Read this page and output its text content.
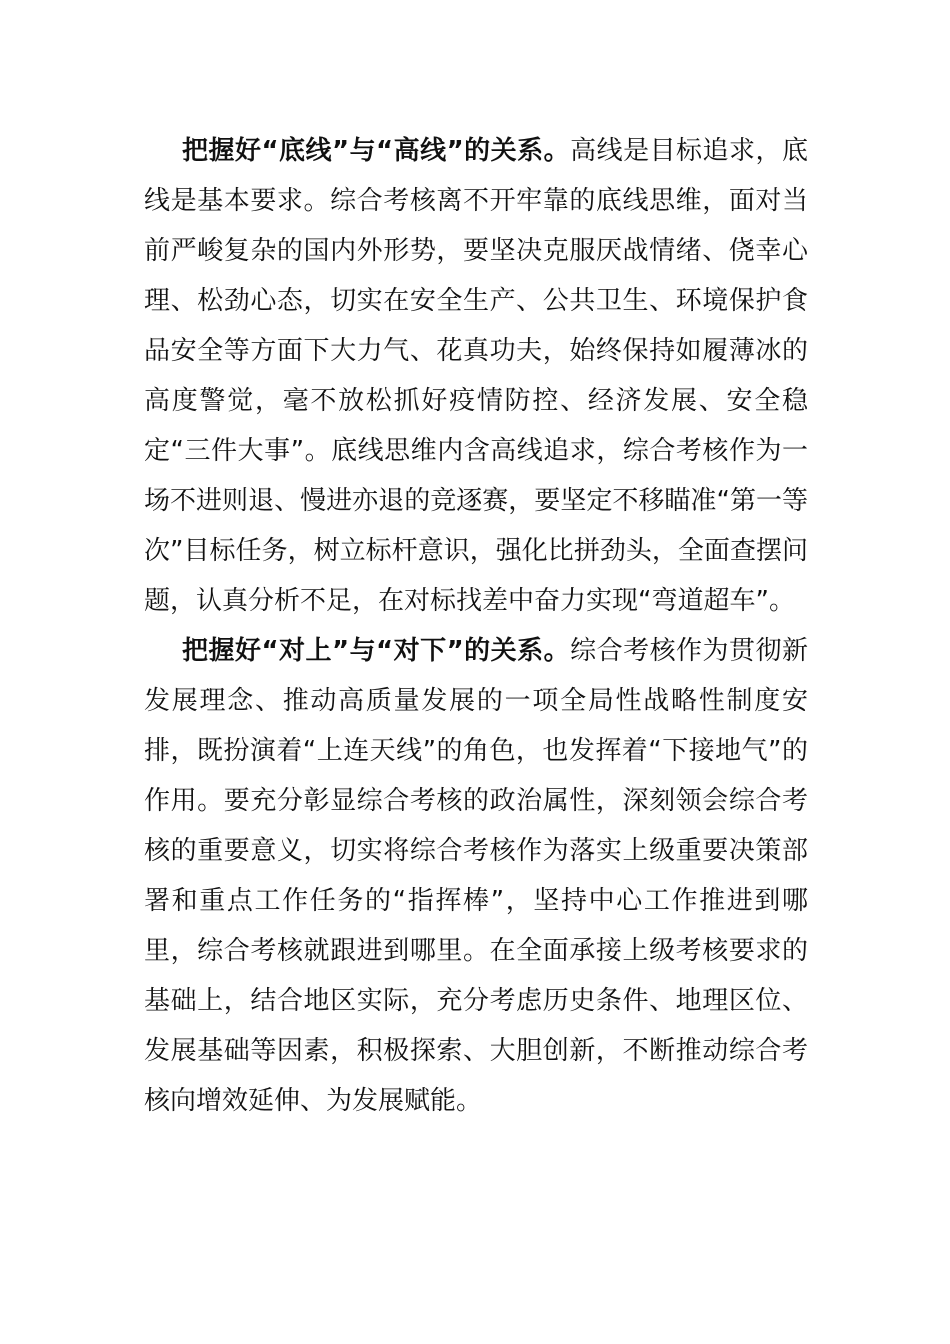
把握好“底线”与“高线”的关系。高线是目标追求，底线是基本要求。综合考核离不开牢靠的底线思维，面对当前严峻复杂的国内外形势，要坚决克服厌战情绪、侥幸心理、松劲心态，切实在安全生产、公共卫生、环境保护食品安全等方面下大力气、花真功夫，始终保持如履薄冰的高度警觉，毫不放松抓好疫情防控、经济发展、安全稳定“三件大事”。底线思维内含高线追求，综合考核作为一场不进则退、慢进亦退的竞逐赛，要坚定不移瞄准“第一等次”目标任务，树立标杆意识，强化比拼劲头，全面查摆问题，认真分析不足，在对标找差中奋力实现“弯道超车”。

把握好“对上”与“对下”的关系。综合考核作为贯彻新发展理念、推动高质量发展的一项全局性战略性制度安排，既扮演着“上连天线”的角色，也发挥着“下接地气”的作用。要充分彰显综合考核的政治属性，深刻领会综合考核的重要意义，切实将综合考核作为落实上级重要决策部署和重点工作任务的“指挥棒”，坚持中心工作推进到哪里，综合考核就跟进到哪里。在全面承接上级考核要求的基础上，结合地区实际，充分考虑历史条件、地理区位、发展基础等因素，积极探索、大胆创新，不断推动综合考核向增效延伸、为发展赋能。
